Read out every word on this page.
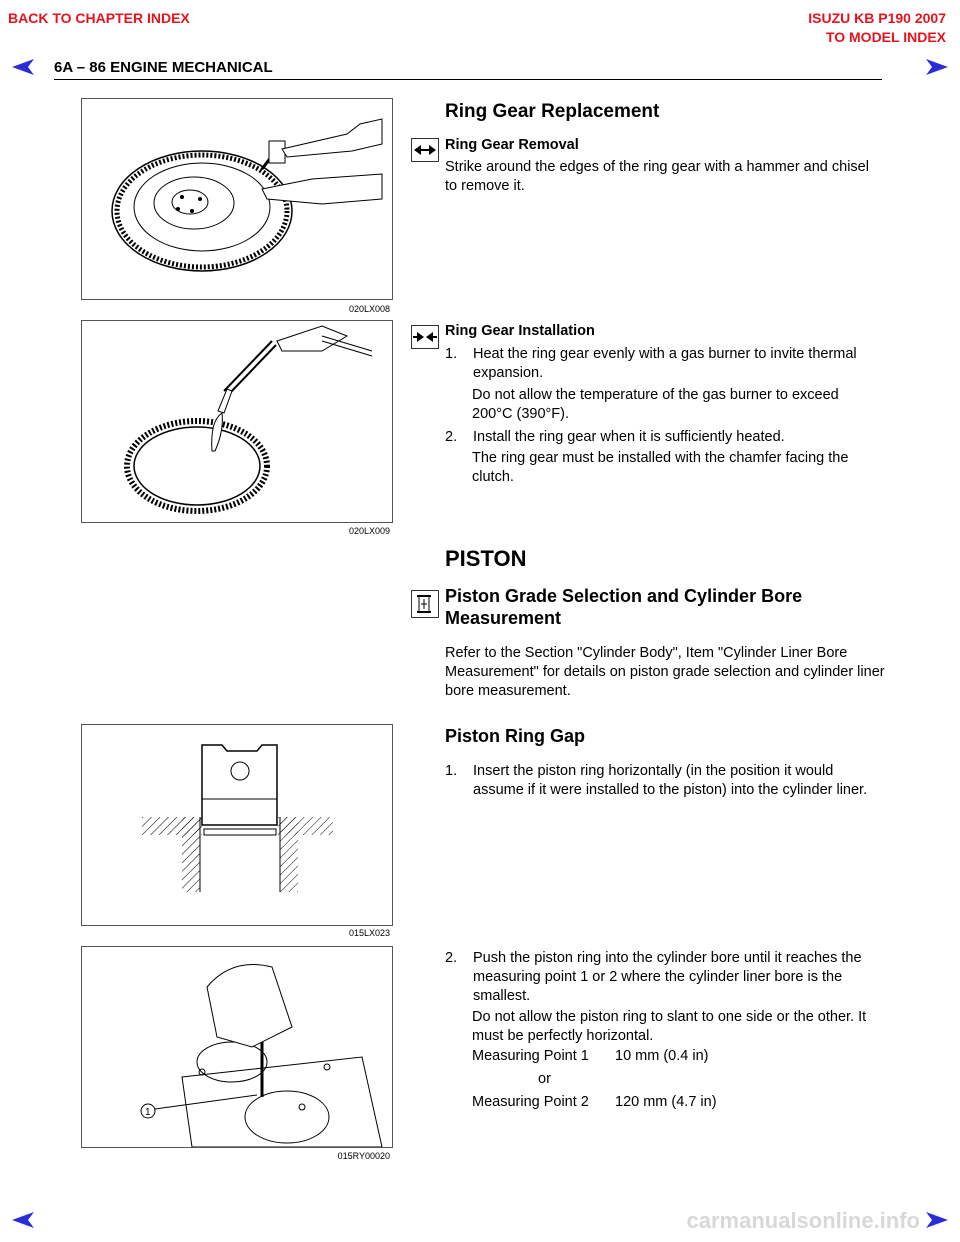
BACK TO CHAPTER INDEX	ISUZU KB P190 2007
TO MODEL INDEX
6A – 86 ENGINE MECHANICAL
020LX008
Ring Gear Replacement
Ring Gear Removal
Strike around the edges of the ring gear with a hammer and chisel to remove it.
020LX009
Ring Gear Installation
1. Heat the ring gear evenly with a gas burner to invite thermal expansion.
Do not allow the temperature of the gas burner to exceed 200°C (390°F).
2. Install the ring gear when it is sufficiently heated.
The ring gear must be installed with the chamfer facing the clutch.
PISTON
Piston Grade Selection and Cylinder Bore
Measurement
Refer to the Section "Cylinder Body", Item "Cylinder Liner Bore Measurement" for details on piston grade selection and cylinder liner bore measurement.
015LX023
Piston Ring Gap
1. Insert the piston ring horizontally (in the position it would assume if it were installed to the piston) into the cylinder liner.
1
015RY00020
2. Push the piston ring into the cylinder bore until it reaches the measuring point 1 or 2 where the cylinder liner bore is the smallest.
Do not allow the piston ring to slant to one side or the other. It must be perfectly horizontal.
Measuring Point 1 10 mm (0.4 in)
or
Measuring Point 2 120 mm (4.7 in)
carmanualsonline.info
